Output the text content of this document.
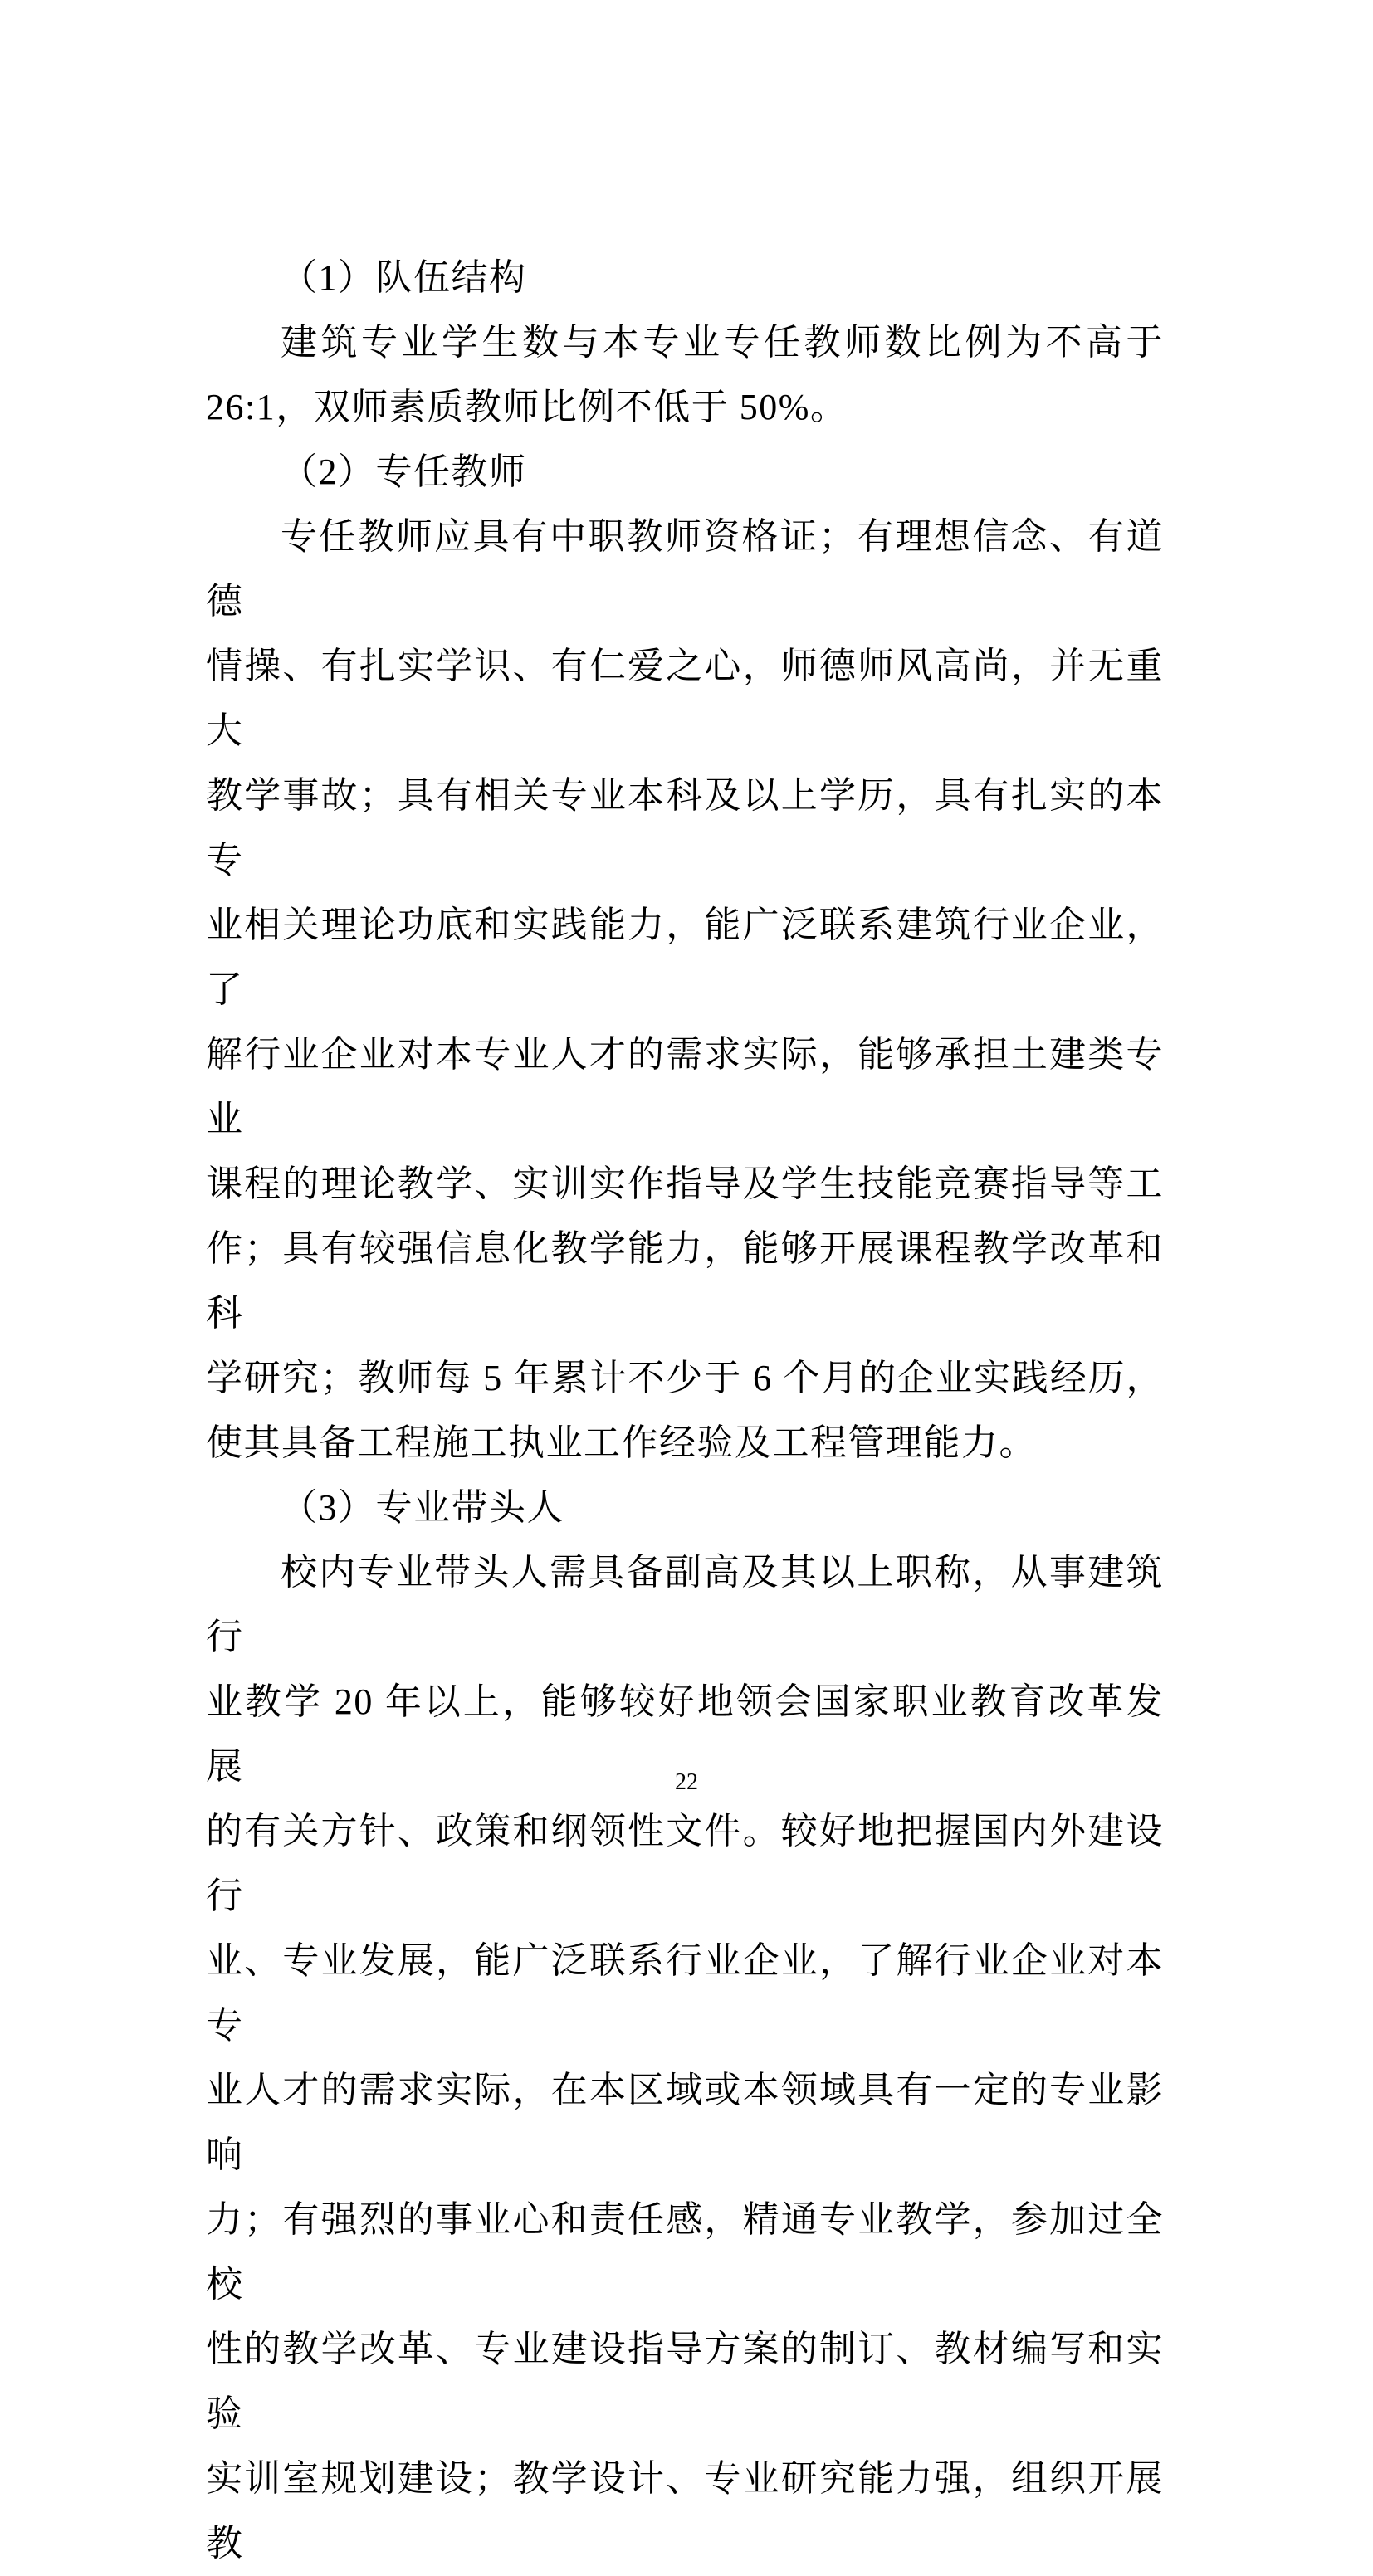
（1）队伍结构
建筑专业学生数与本专业专任教师数比例为不高于
26:1，双师素质教师比例不低于 50%。
（2）专任教师
专任教师应具有中职教师资格证；有理想信念、有道德
情操、有扎实学识、有仁爱之心，师德师风高尚，并无重大
教学事故；具有相关专业本科及以上学历，具有扎实的本专
业相关理论功底和实践能力，能广泛联系建筑行业企业，了
解行业企业对本专业人才的需求实际，能够承担土建类专业
课程的理论教学、实训实作指导及学生技能竞赛指导等工
作；具有较强信息化教学能力，能够开展课程教学改革和科
学研究；教师每 5 年累计不少于 6 个月的企业实践经历，
使其具备工程施工执业工作经验及工程管理能力。
（3）专业带头人
校内专业带头人需具备副高及其以上职称，从事建筑行
业教学 20 年以上，能够较好地领会国家职业教育改革发展
的有关方针、政策和纲领性文件。较好地把握国内外建设行
业、专业发展，能广泛联系行业企业，了解行业企业对本专
业人才的需求实际，在本区域或本领域具有一定的专业影响
力；有强烈的事业心和责任感，精通专业教学，参加过全校
性的教学改革、专业建设指导方案的制订、教材编写和实验
实训室规划建设；教学设计、专业研究能力强，组织开展教
22
